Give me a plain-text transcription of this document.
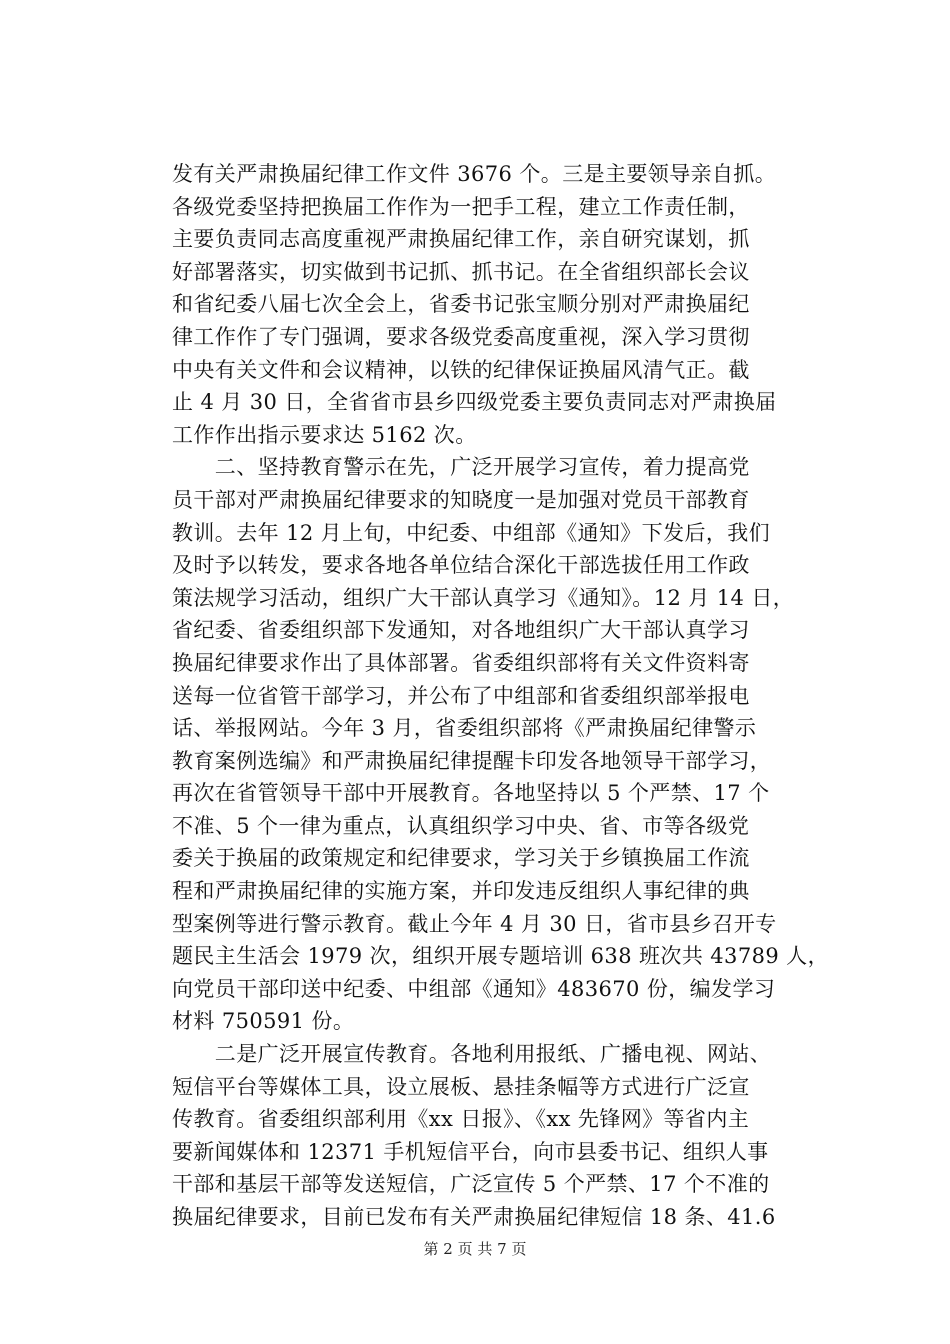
发有关严肃换届纪律工作文件 3676 个。三是主要领导亲自抓。
各级党委坚持把换届工作作为一把手工程，建立工作责任制，
主要负责同志高度重视严肃换届纪律工作，亲自研究谋划，抓
好部署落实，切实做到书记抓、抓书记。在全省组织部长会议
和省纪委八届七次全会上，省委书记张宝顺分别对严肃换届纪
律工作作了专门强调，要求各级党委高度重视，深入学习贯彻
中央有关文件和会议精神，以铁的纪律保证换届风清气正。截
止 4 月 30 日，全省省市县乡四级党委主要负责同志对严肃换届
工作作出指示要求达 5162 次。
　　二、坚持教育警示在先，广泛开展学习宣传，着力提高党
员干部对严肃换届纪律要求的知晓度一是加强对党员干部教育
教训。去年 12 月上旬，中纪委、中组部《通知》下发后，我们
及时予以转发，要求各地各单位结合深化干部选拔任用工作政
策法规学习活动，组织广大干部认真学习《通知》。12 月 14 日，
省纪委、省委组织部下发通知，对各地组织广大干部认真学习
换届纪律要求作出了具体部署。省委组织部将有关文件资料寄
送每一位省管干部学习，并公布了中组部和省委组织部举报电
话、举报网站。今年 3 月，省委组织部将《严肃换届纪律警示
教育案例选编》和严肃换届纪律提醒卡印发各地领导干部学习，
再次在省管领导干部中开展教育。各地坚持以 5 个严禁、17 个
不准、5 个一律为重点，认真组织学习中央、省、市等各级党
委关于换届的政策规定和纪律要求，学习关于乡镇换届工作流
程和严肃换届纪律的实施方案，并印发违反组织人事纪律的典
型案例等进行警示教育。截止今年 4 月 30 日，省市县乡召开专
题民主生活会 1979 次，组织开展专题培训 638 班次共 43789 人，
向党员干部印送中纪委、中组部《通知》483670 份，编发学习
材料 750591 份。
　　二是广泛开展宣传教育。各地利用报纸、广播电视、网站、
短信平台等媒体工具，设立展板、悬挂条幅等方式进行广泛宣
传教育。省委组织部利用《xx 日报》、《xx 先锋网》等省内主
要新闻媒体和 12371 手机短信平台，向市县委书记、组织人事
干部和基层干部等发送短信，广泛宣传 5 个严禁、17 个不准的
换届纪律要求，目前已发布有关严肃换届纪律短信 18 条、41.6
第 2 页 共 7 页
